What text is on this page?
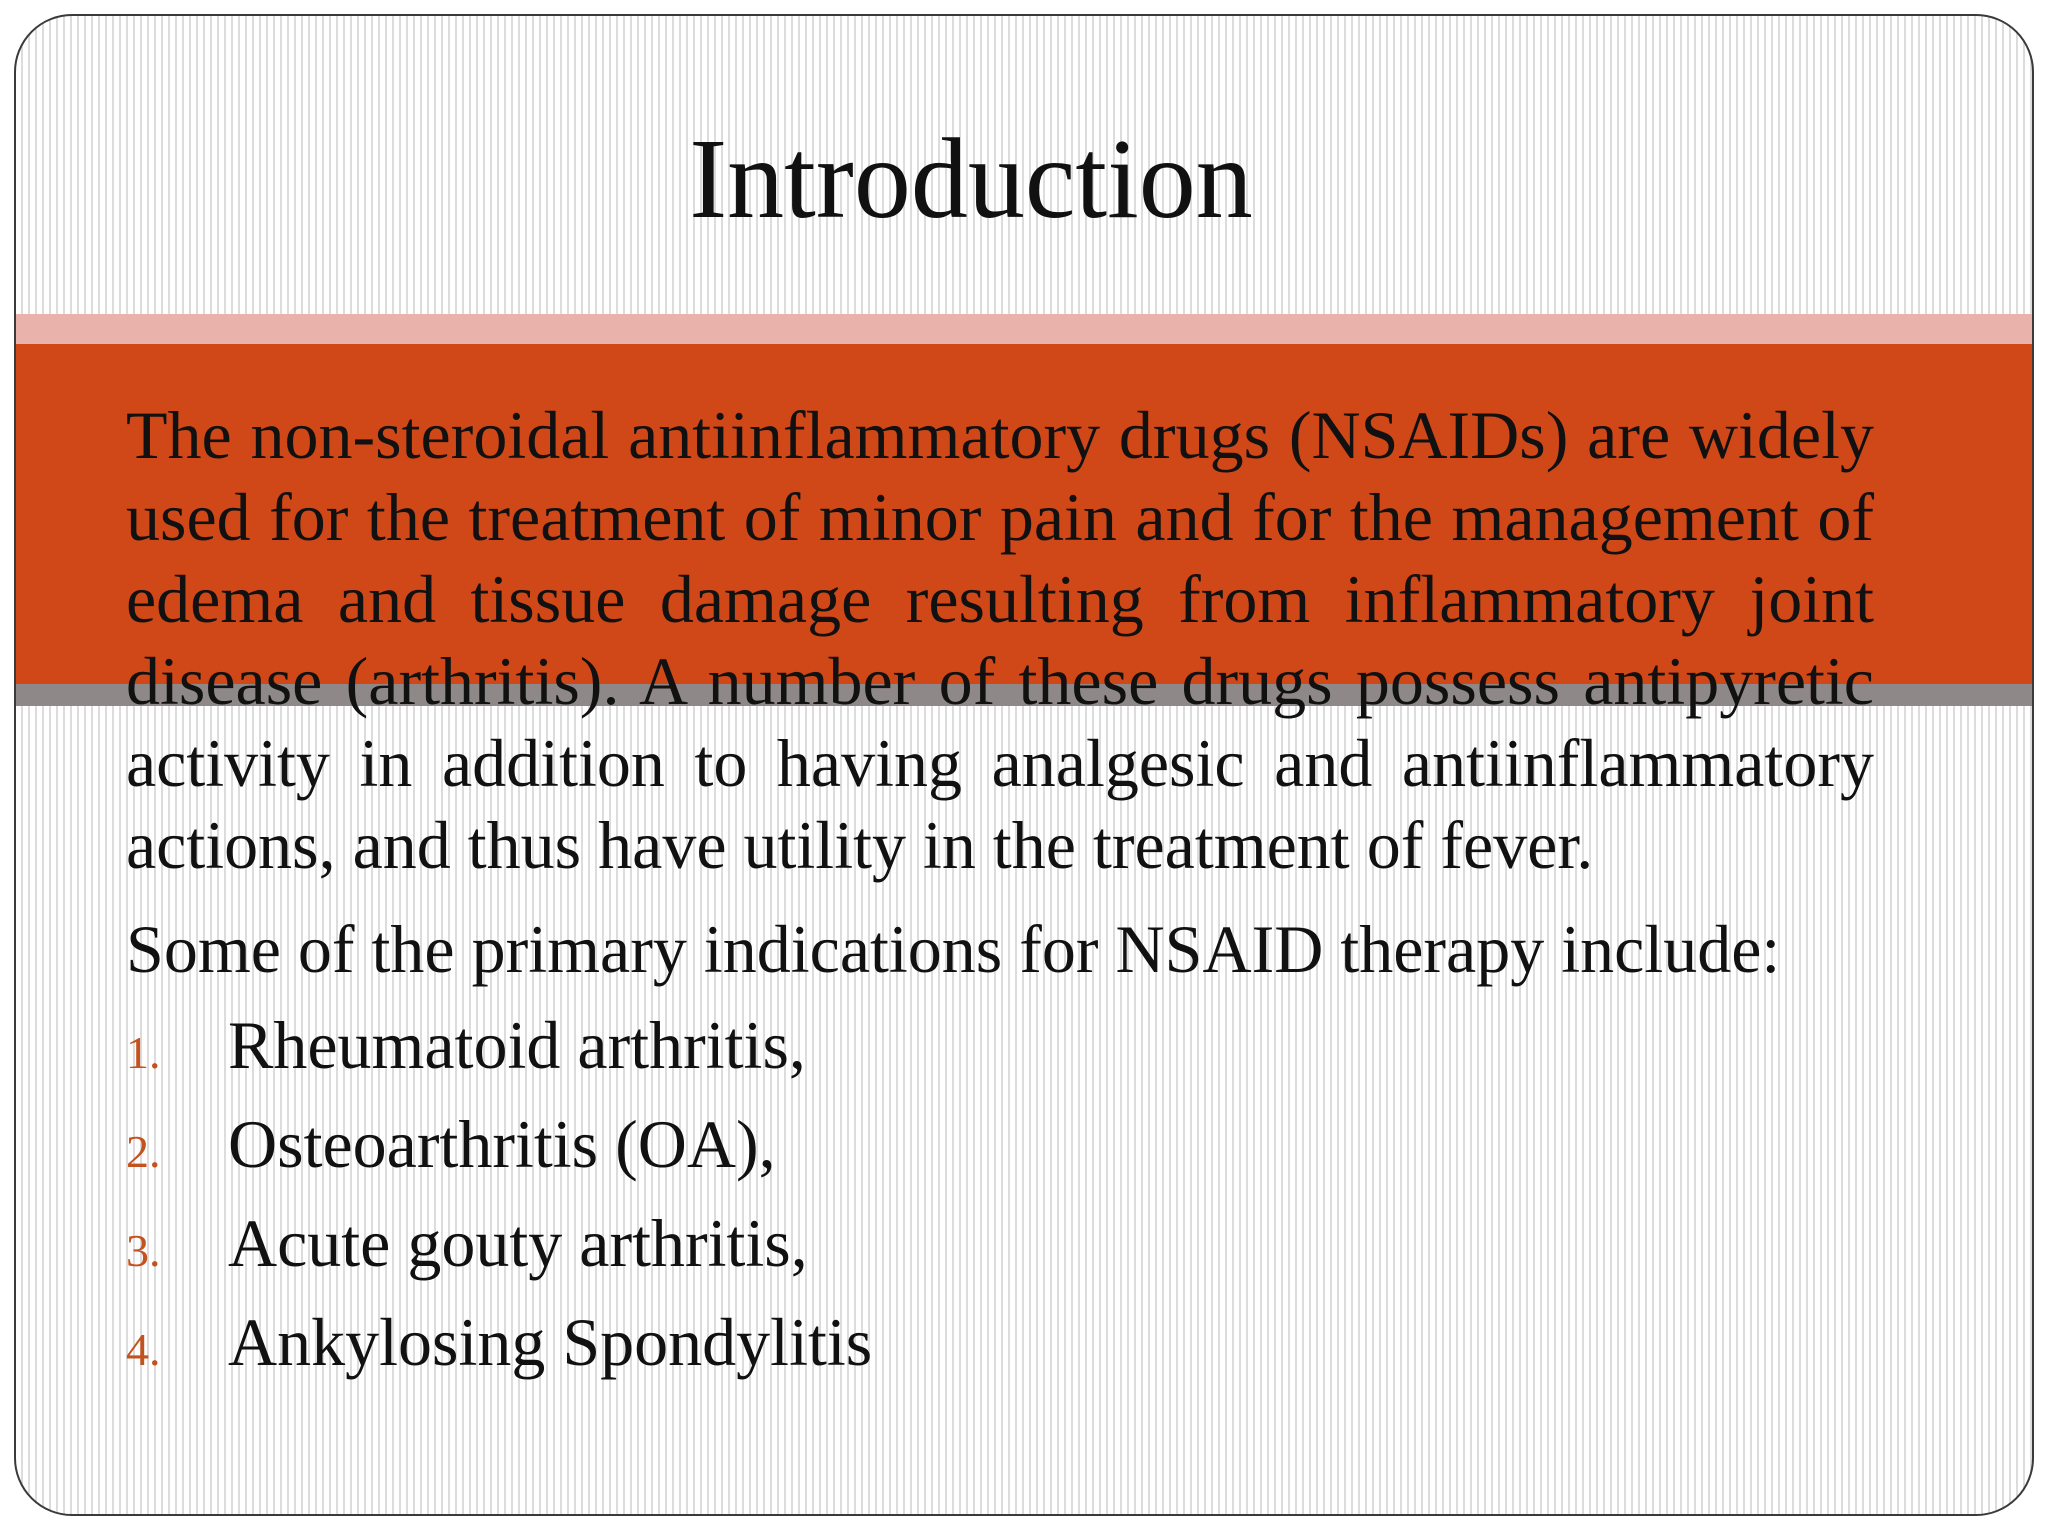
Introduction

The non-steroidal antiinflammatory drugs (NSAIDs) are widely used for the treatment of minor pain and for the management of edema and tissue damage resulting from inflammatory joint disease (arthritis). A number of these drugs possess antipyretic activity in addition to having analgesic and antiinflammatory actions, and thus have utility in the treatment of fever.

Some of the primary indications for NSAID therapy include:

1. Rheumatoid arthritis,
2. Osteoarthritis (OA),
3. Acute gouty arthritis,
4. Ankylosing Spondylitis
